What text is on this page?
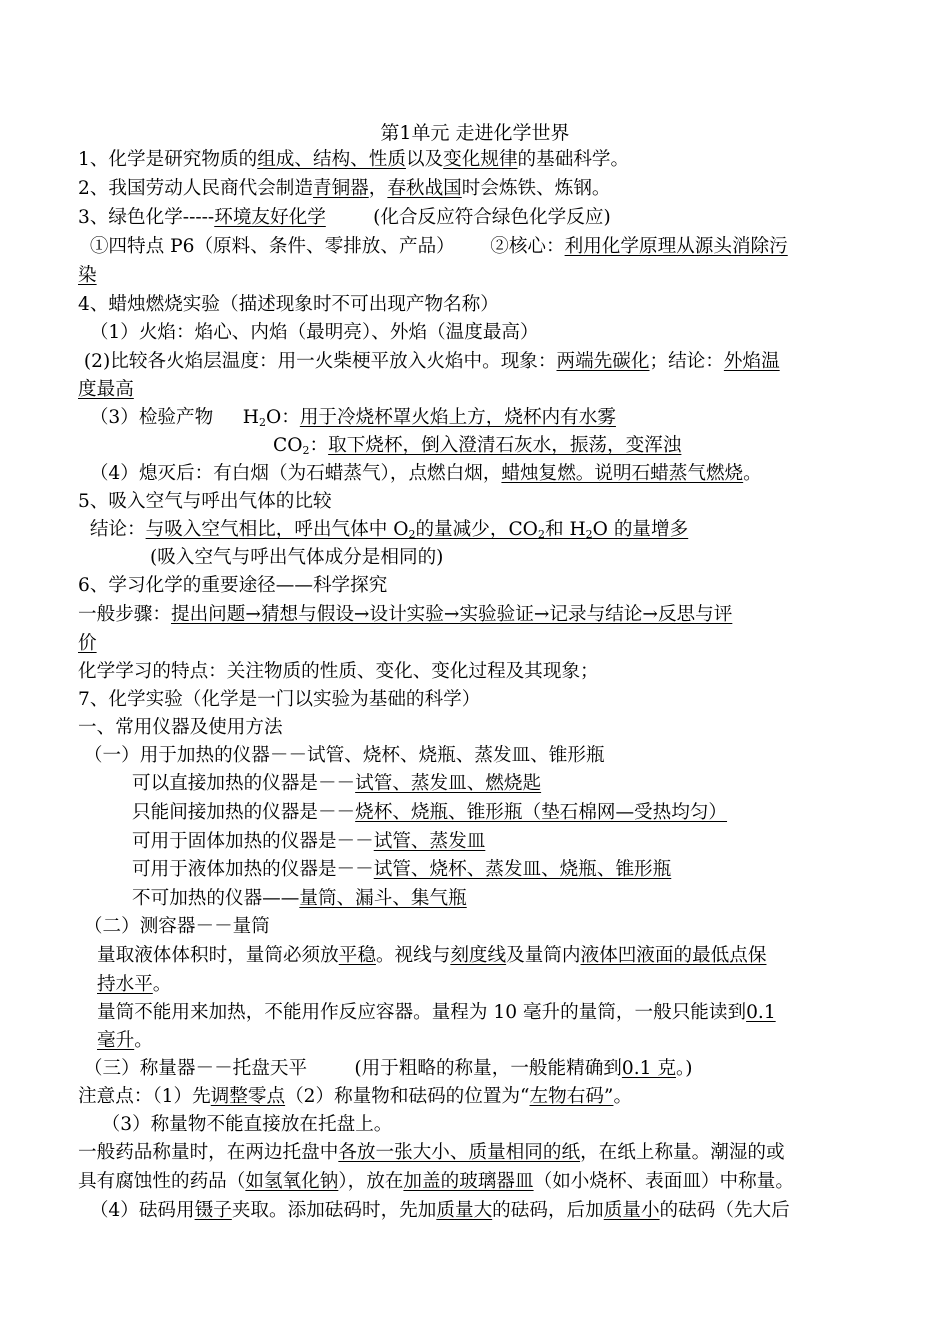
第1单元 走进化学世界
1、化学是研究物质的组成、结构、性质以及变化规律的基础科学。
2、我国劳动人民商代会制造青铜器，春秋战国时会炼铁、炼钢。
3、绿色化学-----环境友好化学        (化合反应符合绿色化学反应)
①四特点 P6（原料、条件、零排放、产品）      ②核心：利用化学原理从源头消除污
染
4、蜡烛燃烧实验（描述现象时不可出现产物名称）
（1）火焰：焰心、内焰（最明亮）、外焰（温度最高）
(2)比较各火焰层温度：用一火柴梗平放入火焰中。现象：两端先碳化；结论：外焰温
度最高
（3）检验产物     $H_2O$：用于冷烧杯罩火焰上方，烧杯内有水雾
$CO_2$：取下烧杯，倒入澄清石灰水，振荡，变浑浊
（4）熄灭后：有白烟（为石蜡蒸气），点燃白烟，蜡烛复燃。说明石蜡蒸气燃烧。
5、吸入空气与呼出气体的比较
结论：与吸入空气相比，呼出气体中 $O_2$的量减少，$CO_2$和 $H_2O$ 的量增多
(吸入空气与呼出气体成分是相同的)
6、学习化学的重要途径——科学探究
一般步骤：提出问题→猜想与假设→设计实验→实验验证→记录与结论→反思与评
价
化学学习的特点：关注物质的性质、变化、变化过程及其现象；
7、化学实验（化学是一门以实验为基础的科学）
一、常用仪器及使用方法
（一）用于加热的仪器－－试管、烧杯、烧瓶、蒸发皿、锥形瓶
可以直接加热的仪器是－－试管、蒸发皿、燃烧匙
只能间接加热的仪器是－－烧杯、烧瓶、锥形瓶（垫石棉网—受热均匀）
可用于固体加热的仪器是－－试管、蒸发皿
可用于液体加热的仪器是－－试管、烧杯、蒸发皿、烧瓶、锥形瓶
不可加热的仪器——量筒、漏斗、集气瓶
（二）测容器－－量筒
量取液体体积时，量筒必须放平稳。视线与刻度线及量筒内液体凹液面的最低点保
持水平。
量筒不能用来加热，不能用作反应容器。量程为 10 毫升的量筒，一般只能读到0.1
毫升。
（三）称量器－－托盘天平        (用于粗略的称量，一般能精确到0.1 克。)
注意点：（1）先调整零点（2）称量物和砝码的位置为“左物右码”。
（3）称量物不能直接放在托盘上。
一般药品称量时，在两边托盘中各放一张大小、质量相同的纸，在纸上称量。潮湿的或
具有腐蚀性的药品（如氢氧化钠），放在加盖的玻璃器皿（如小烧杯、表面皿）中称量。
（4）砝码用镊子夹取。添加砝码时，先加质量大的砝码，后加质量小的砝码（先大后
